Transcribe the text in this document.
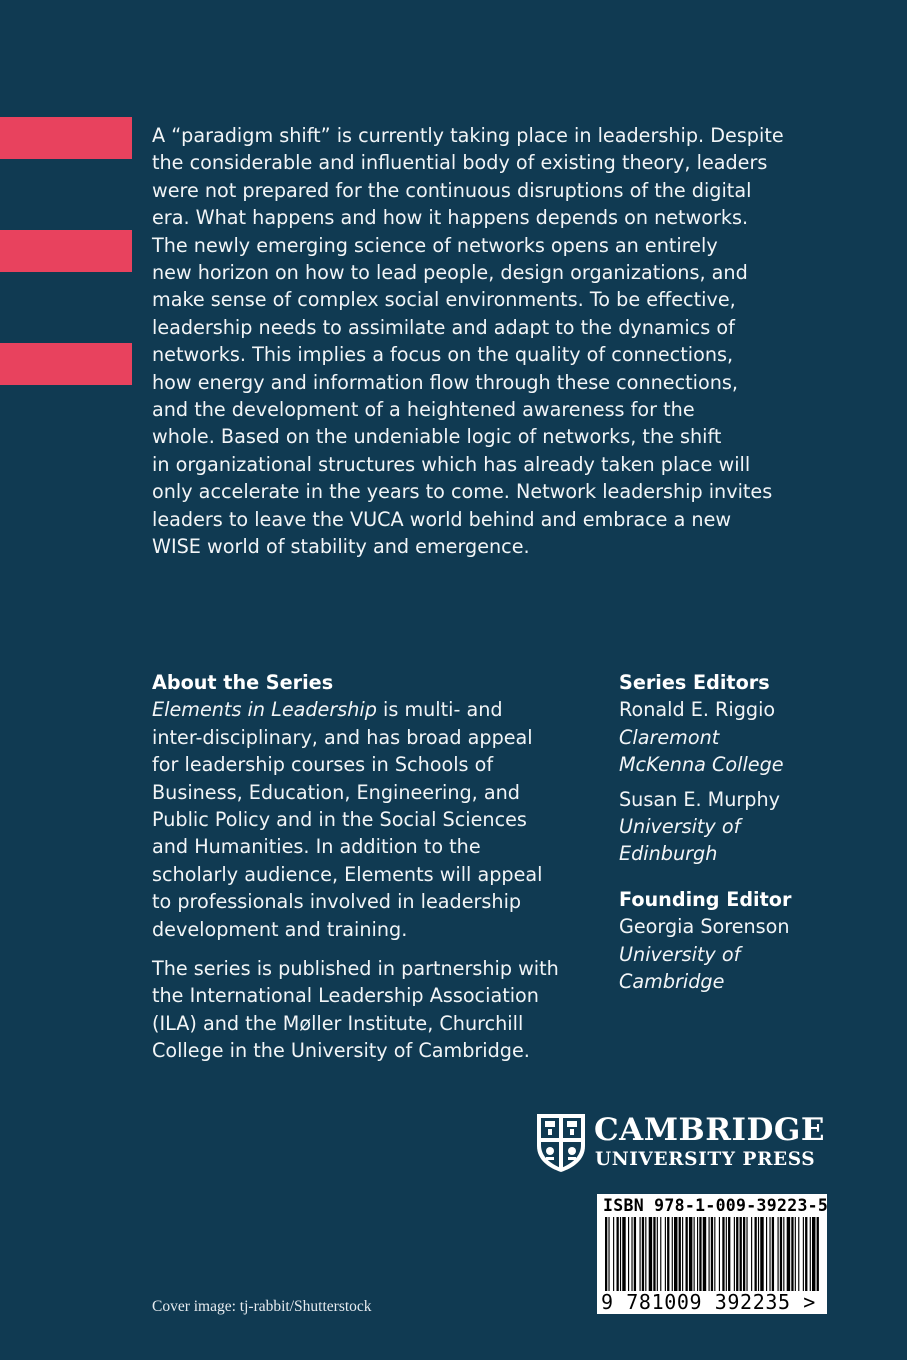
A “paradigm shift” is currently taking place in leadership. Despite
the considerable and influential body of existing theory, leaders
were not prepared for the continuous disruptions of the digital
era. What happens and how it happens depends on networks.
The newly emerging science of networks opens an entirely
new horizon on how to lead people, design organizations, and
make sense of complex social environments. To be effective,
leadership needs to assimilate and adapt to the dynamics of
networks. This implies a focus on the quality of connections,
how energy and information flow through these connections,
and the development of a heightened awareness for the
whole. Based on the undeniable logic of networks, the shift
in organizational structures which has already taken place will
only accelerate in the years to come. Network leadership invites
leaders to leave the VUCA world behind and embrace a new
WISE world of stability and emergence.

About the Series

Elements in Leadership is multi- and
inter-disciplinary, and has broad appeal
for leadership courses in Schools of
Business, Education, Engineering, and
Public Policy and in the Social Sciences
and Humanities. In addition to the
scholarly audience, Elements will appeal
to professionals involved in leadership
development and training.

The series is published in partnership with
the International Leadership Association
(ILA) and the Møller Institute, Churchill
College in the University of Cambridge.

Series Editors
Ronald E. Riggio
Claremont
McKenna College
Susan E. Murphy
University of
Edinburgh
Founding Editor
Georgia Sorenson
University of
Cambridge
CAMBRIDGE
UNIVERSITY PRESS
ISBN 978-1-009-39223-5
9 781009 392235 >
Cover image: tj-rabbit/Shutterstock
